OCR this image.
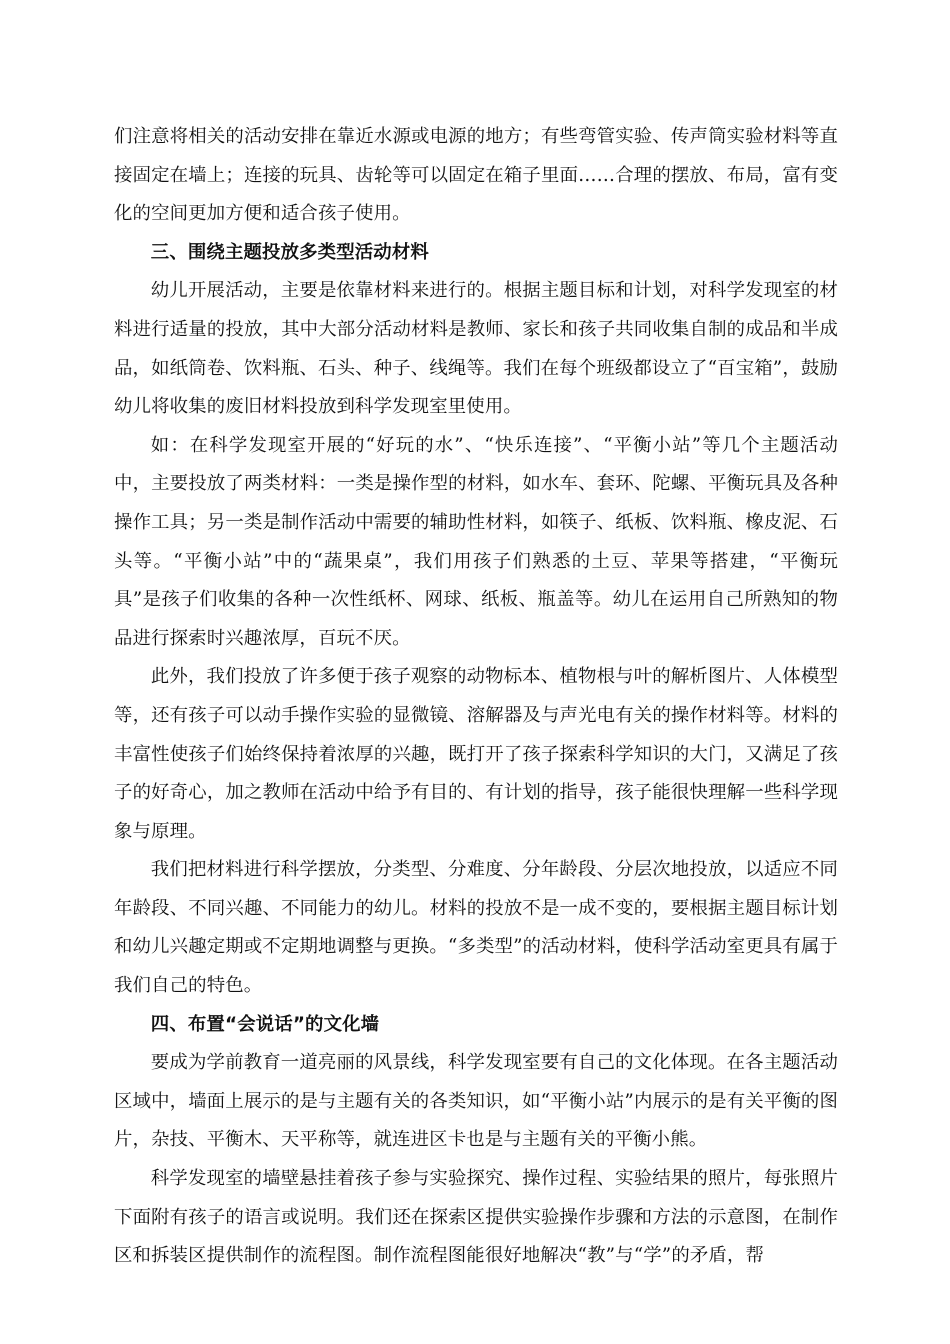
们注意将相关的活动安排在靠近水源或电源的地方；有些弯管实验、传声筒实验材料等直接固定在墙上；连接的玩具、齿轮等可以固定在箱子里面……合理的摆放、布局，富有变化的空间更加方便和适合孩子使用。

三、围绕主题投放多类型活动材料

幼儿开展活动，主要是依靠材料来进行的。根据主题目标和计划，对科学发现室的材料进行适量的投放，其中大部分活动材料是教师、家长和孩子共同收集自制的成品和半成品，如纸筒卷、饮料瓶、石头、种子、线绳等。我们在每个班级都设立了“百宝箱”，鼓励幼儿将收集的废旧材料投放到科学发现室里使用。

如：在科学发现室开展的“好玩的水”、“快乐连接”、“平衡小站”等几个主题活动中，主要投放了两类材料：一类是操作型的材料，如水车、套环、陀螺、平衡玩具及各种操作工具；另一类是制作活动中需要的辅助性材料，如筷子、纸板、饮料瓶、橡皮泥、石头等。“平衡小站”中的“蔬果桌”，我们用孩子们熟悉的土豆、苹果等搭建，“平衡玩具”是孩子们收集的各种一次性纸杯、网球、纸板、瓶盖等。幼儿在运用自己所熟知的物品进行探索时兴趣浓厚，百玩不厌。

此外，我们投放了许多便于孩子观察的动物标本、植物根与叶的解析图片、人体模型等，还有孩子可以动手操作实验的显微镜、溶解器及与声光电有关的操作材料等。材料的丰富性使孩子们始终保持着浓厚的兴趣，既打开了孩子探索科学知识的大门，又满足了孩子的好奇心，加之教师在活动中给予有目的、有计划的指导，孩子能很快理解一些科学现象与原理。

我们把材料进行科学摆放，分类型、分难度、分年龄段、分层次地投放，以适应不同年龄段、不同兴趣、不同能力的幼儿。材料的投放不是一成不变的，要根据主题目标计划和幼儿兴趣定期或不定期地调整与更换。“多类型”的活动材料，使科学活动室更具有属于我们自己的特色。

四、布置“会说话”的文化墙

要成为学前教育一道亮丽的风景线，科学发现室要有自己的文化体现。在各主题活动区域中，墙面上展示的是与主题有关的各类知识，如“平衡小站”内展示的是有关平衡的图片，杂技、平衡木、天平称等，就连进区卡也是与主题有关的平衡小熊。

科学发现室的墙壁悬挂着孩子参与实验探究、操作过程、实验结果的照片，每张照片下面附有孩子的语言或说明。我们还在探索区提供实验操作步骤和方法的示意图，在制作区和拆装区提供制作的流程图。制作流程图能很好地解决“教”与“学”的矛盾，帮
